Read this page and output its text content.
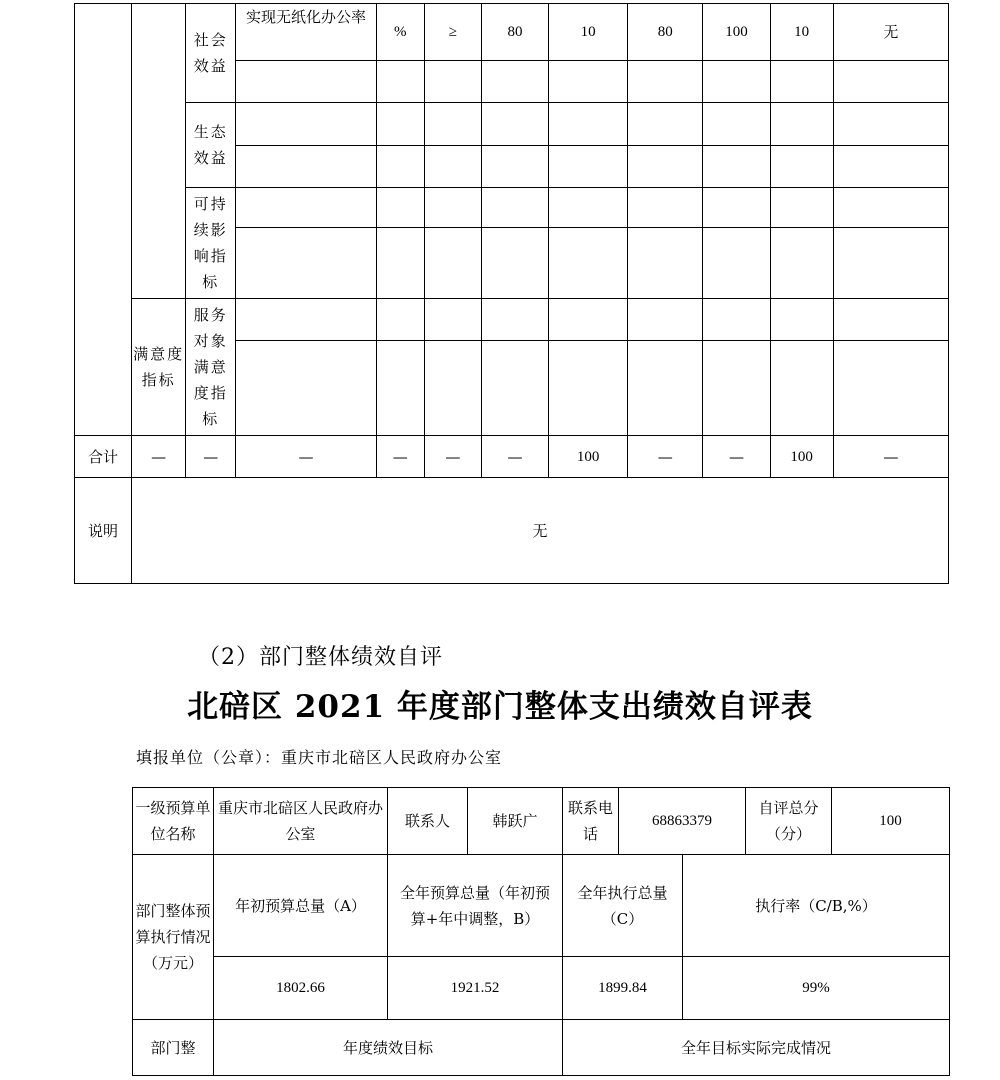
		社会效益	实现无纸化办公率	%	≥	80	10	80	100	10	无

		生态效益									

		可持续影响指标									

	满意度指标	服务对象满意度指标									

合计	—	—	—	—	—	—	100	—	—	100	—
说明	无										
（2）部门整体绩效自评
北碚区 2021 年度部门整体支出绩效自评表
填报单位（公章）：重庆市北碚区人民政府办公室
一级预算单位名称	重庆市北碚区人民政府办公室	联系人	韩跃广	联系电话	68863379		自评总分（分）	100
部门整体预算执行情况（万元）	年初预算总量（A）	全年预算总量（年初预算+年中调整，B）		全年执行总量（C）		执行率（C/B,%）		
	1802.66	1921.52		1899.84		99%		
部门整	年度绩效目标			全年目标实际完成情况				
